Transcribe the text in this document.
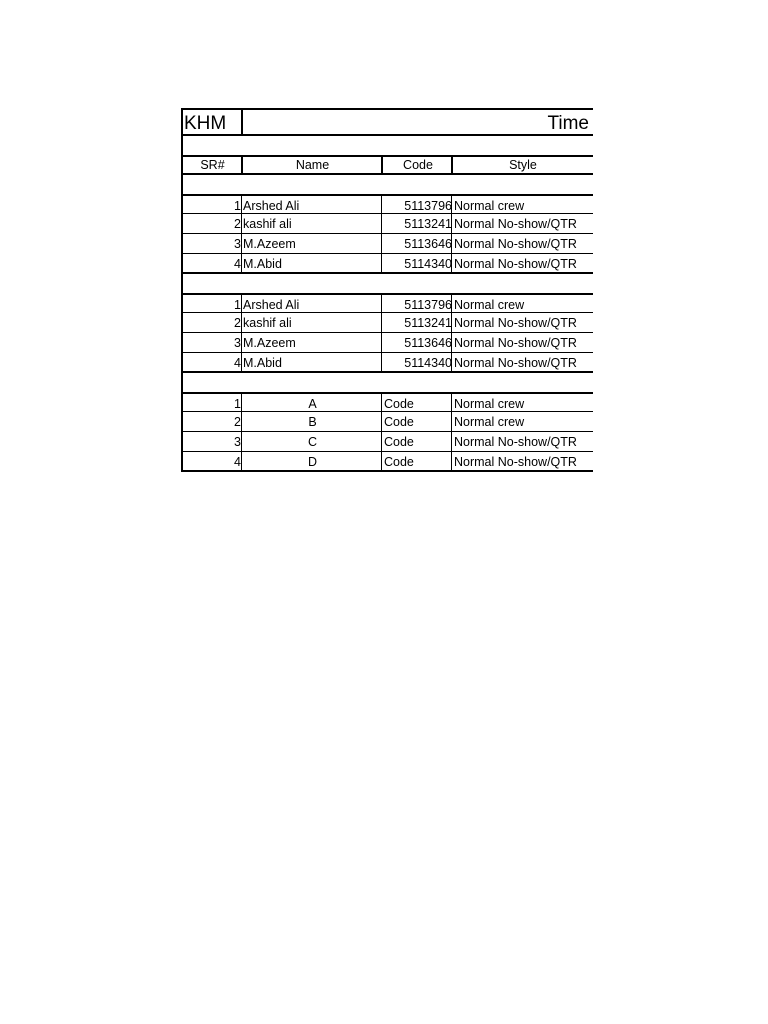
KHM	Time
SR#	Name	Code	Style
1 Arshed Ali	5113796 Normal crew
2 kashif ali	5113241 Normal No-show/QTR
3 M.Azeem	5113646 Normal No-show/QTR
4 M.Abid	5114340 Normal No-show/QTR
1 Arshed Ali	5113796 Normal crew
2 kashif ali	5113241 Normal No-show/QTR
3 M.Azeem	5113646 Normal No-show/QTR
4 M.Abid	5114340 Normal No-show/QTR
1	A	Code	Normal crew
2	B	Code	Normal crew
3	C	Code	Normal No-show/QTR
4	D	Code	Normal No-show/QTR
